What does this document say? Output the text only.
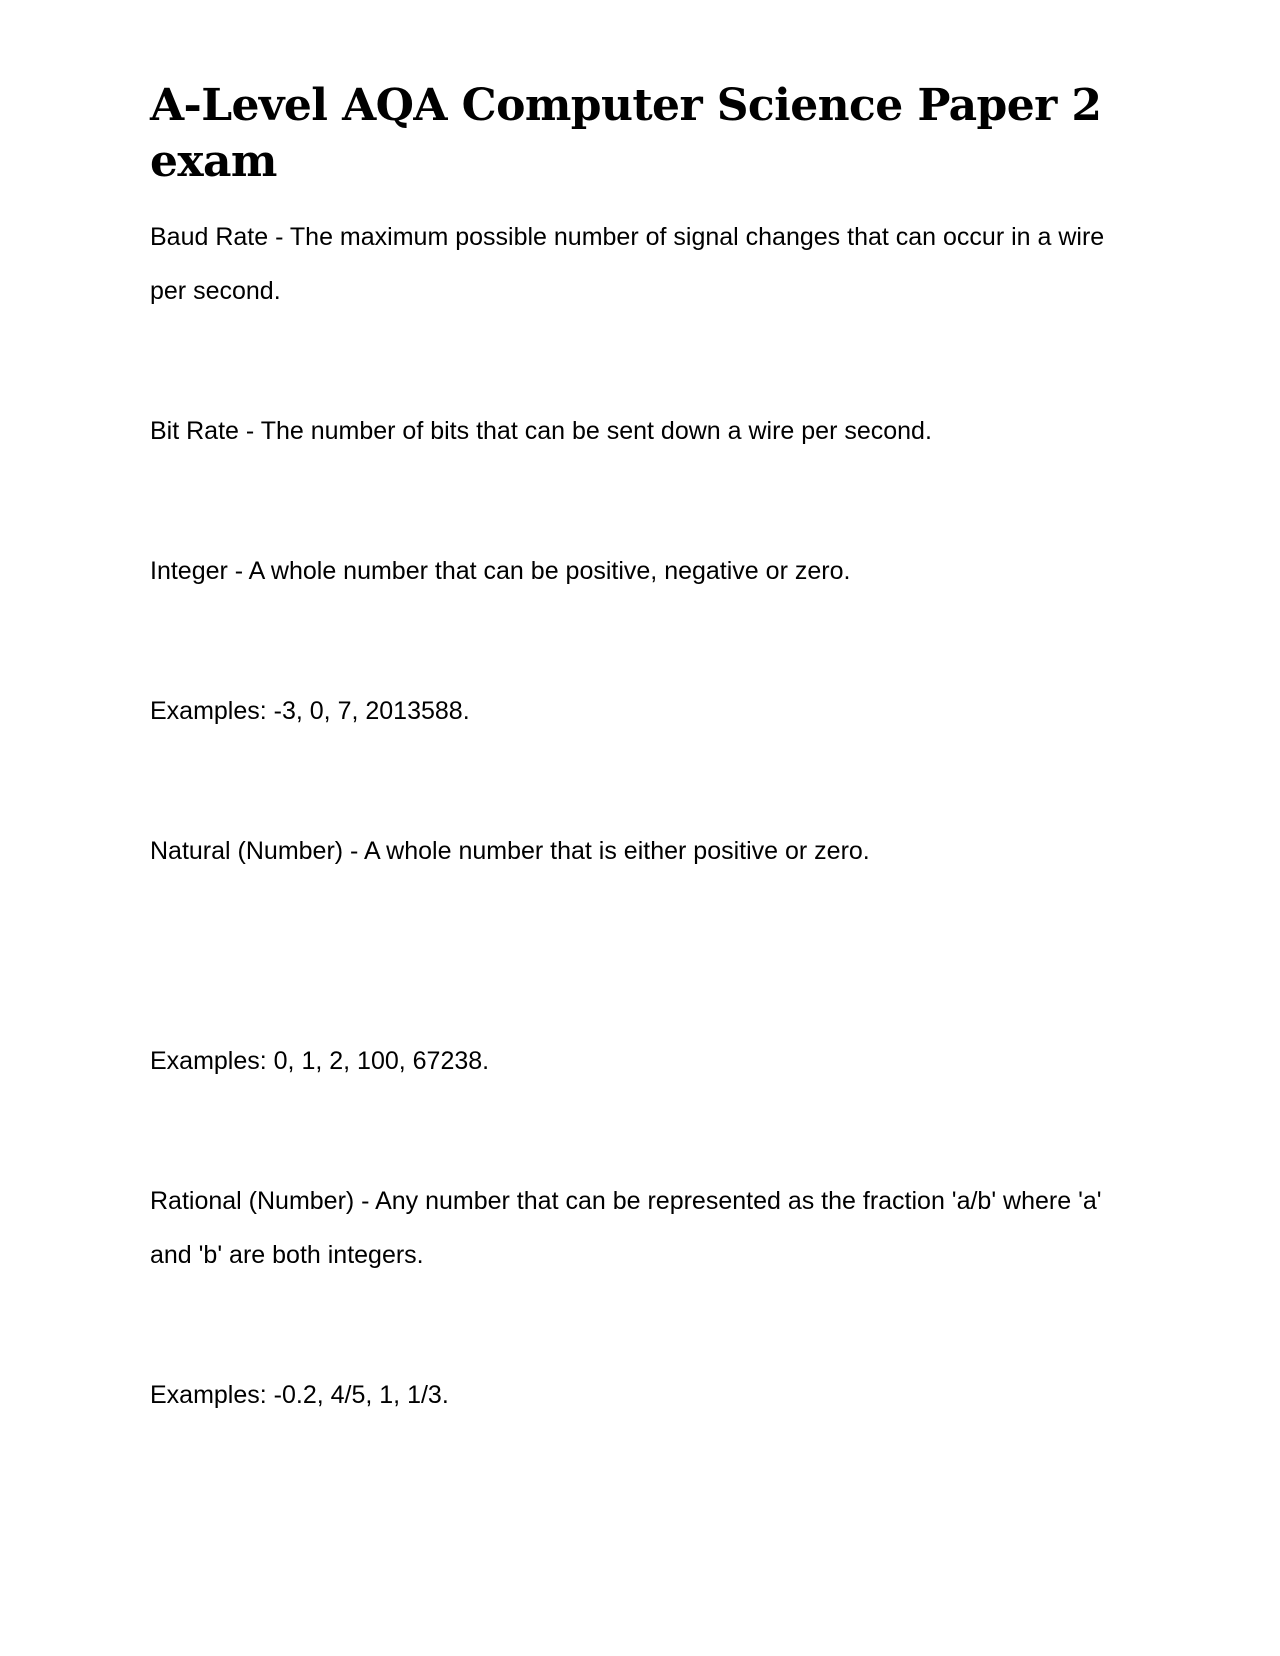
A-Level AQA Computer Science Paper 2 exam

Baud Rate - The maximum possible number of signal changes that can occur in a wire per second.

Bit Rate - The number of bits that can be sent down a wire per second.

Integer - A whole number that can be positive, negative or zero.

Examples: -3, 0, 7, 2013588.

Natural (Number) - A whole number that is either positive or zero.

Examples: 0, 1, 2, 100, 67238.

Rational (Number) - Any number that can be represented as the fraction 'a/b' where 'a' and 'b' are both integers.

Examples: -0.2, 4/5, 1, 1/3.
